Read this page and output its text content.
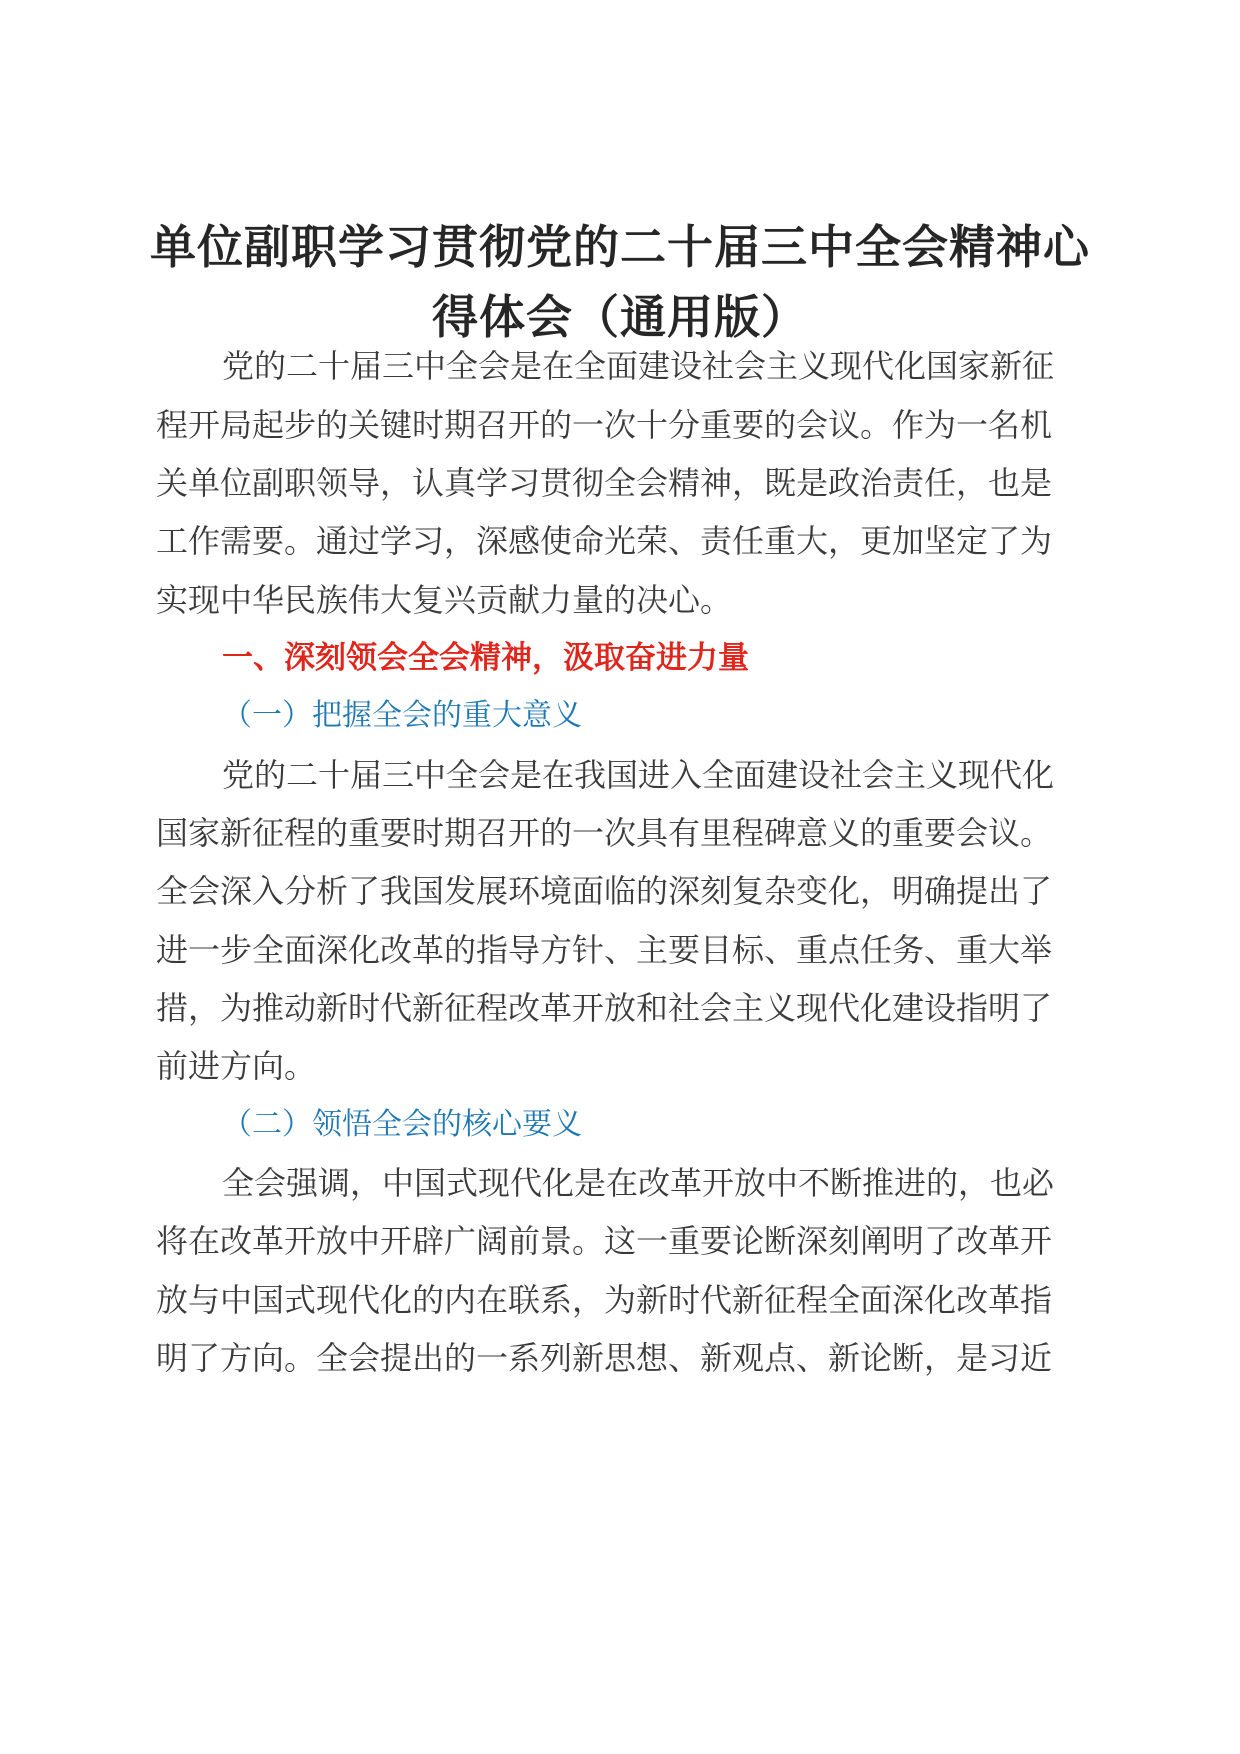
单位副职学习贯彻党的二十届三中全会精神心
得体会（通用版）
党的二十届三中全会是在全面建设社会主义现代化国家新征
程开局起步的关键时期召开的一次十分重要的会议。作为一名机
关单位副职领导，认真学习贯彻全会精神，既是政治责任，也是
工作需要。通过学习，深感使命光荣、责任重大，更加坚定了为
实现中华民族伟大复兴贡献力量的决心。
一、深刻领会全会精神，汲取奋进力量
（一）把握全会的重大意义
党的二十届三中全会是在我国进入全面建设社会主义现代化
国家新征程的重要时期召开的一次具有里程碑意义的重要会议。
全会深入分析了我国发展环境面临的深刻复杂变化，明确提出了
进一步全面深化改革的指导方针、主要目标、重点任务、重大举
措，为推动新时代新征程改革开放和社会主义现代化建设指明了
前进方向。
（二）领悟全会的核心要义
全会强调，中国式现代化是在改革开放中不断推进的，也必
将在改革开放中开辟广阔前景。这一重要论断深刻阐明了改革开
放与中国式现代化的内在联系，为新时代新征程全面深化改革指
明了方向。全会提出的一系列新思想、新观点、新论断，是习近
